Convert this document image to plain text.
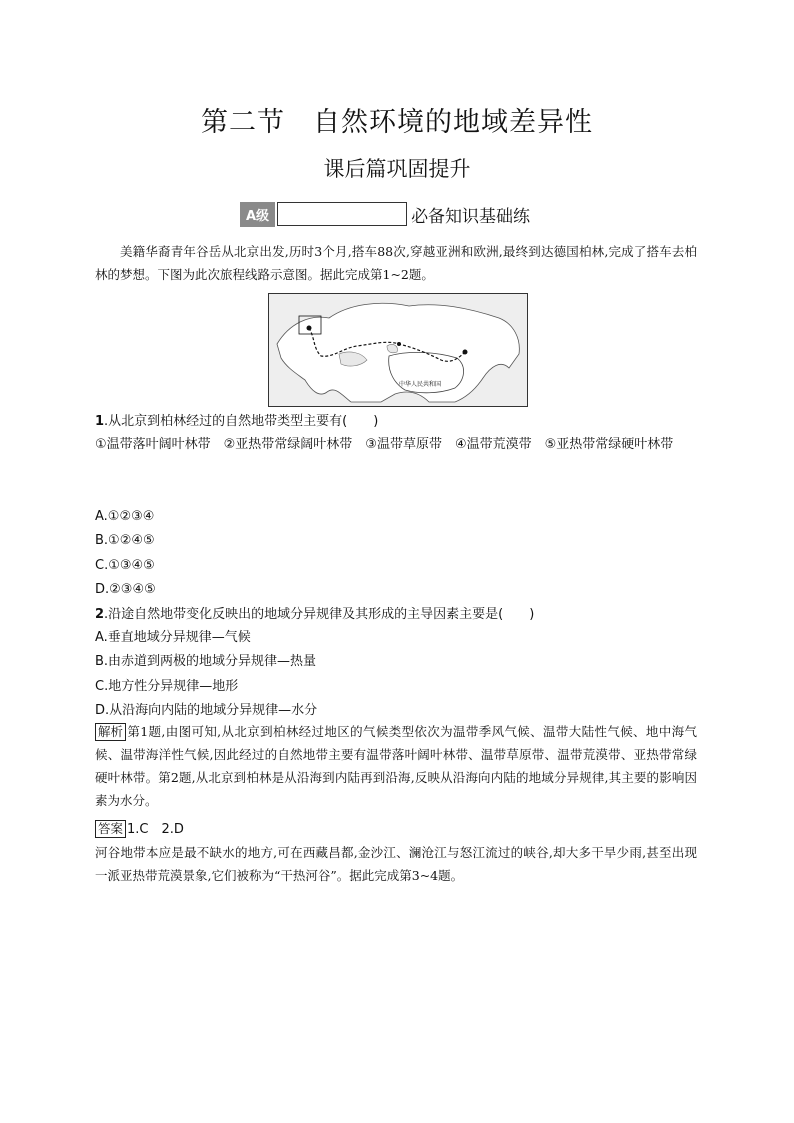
第二节　自然环境的地域差异性
课后篇巩固提升
A级	必备知识基础练
美籍华裔青年谷岳从北京出发,历时3个月,搭车88次,穿越亚洲和欧洲,最终到达德国柏林,完成了搭车去柏林的梦想。下图为此次旅程线路示意图。据此完成第1~2题。
中华人民共和国
1.从北京到柏林经过的自然地带类型主要有(　　)
①温带落叶阔叶林带　②亚热带常绿阔叶林带　③温带草原带　④温带荒漠带　⑤亚热带常绿硬叶林带
A.①②③④
B.①②④⑤
C.①③④⑤
D.②③④⑤
2.沿途自然地带变化反映出的地域分异规律及其形成的主导因素主要是(　　)
A.垂直地域分异规律—气候
B.由赤道到两极的地域分异规律—热量
C.地方性分异规律—地形
D.从沿海向内陆的地域分异规律—水分
解析 第1题,由图可知,从北京到柏林经过地区的气候类型依次为温带季风气候、温带大陆性气候、地中海气候、温带海洋性气候,因此经过的自然地带主要有温带落叶阔叶林带、温带草原带、温带荒漠带、亚热带常绿硬叶林带。第2题,从北京到柏林是从沿海到内陆再到沿海,反映从沿海向内陆的地域分异规律,其主要的影响因素为水分。
答案 1.C　2.D
河谷地带本应是最不缺水的地方,可在西藏昌都,金沙江、澜沧江与怒江流过的峡谷,却大多干旱少雨,甚至出现一派亚热带荒漠景象,它们被称为“干热河谷”。据此完成第3~4题。
